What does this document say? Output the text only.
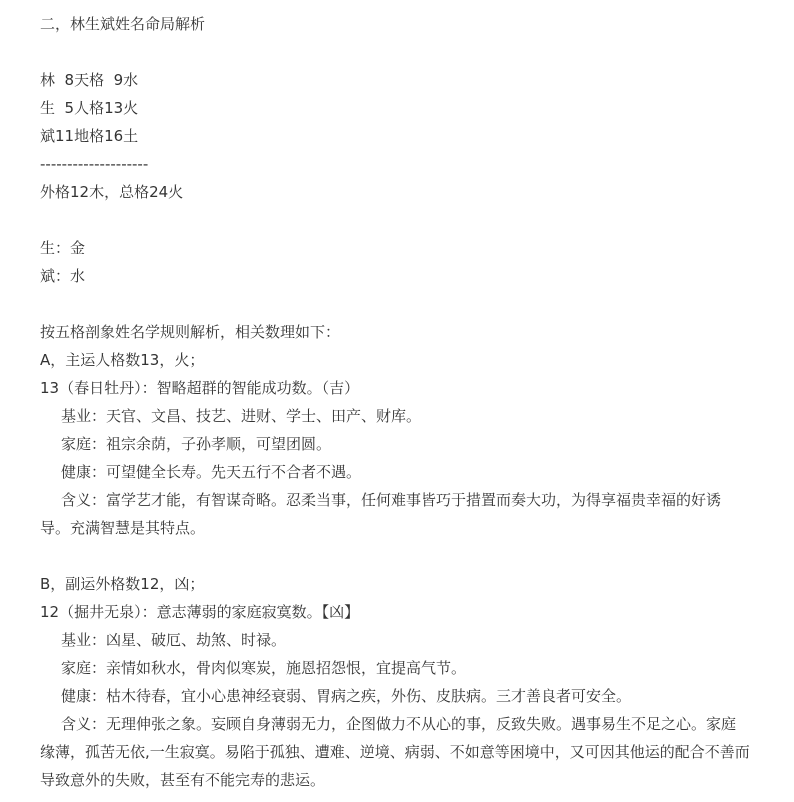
二，林生斌姓名命局解析
林  8天格  9水
生  5人格13火
斌11地格16土
--------------------
外格12木，总格24火
生：金
斌：水
按五格剖象姓名学规则解析，相关数理如下：
A，主运人格数13，火；
13（春日牡丹）：智略超群的智能成功数。（吉）
基业：天官、文昌、技艺、进财、学士、田产、财库。
家庭：祖宗余荫，子孙孝顺，可望团圆。
健康：可望健全长寿。先天五行不合者不遇。
含义：富学艺才能，有智谋奇略。忍柔当事，任何难事皆巧于措置而奏大功，为得享福贵幸福的好诱导。充满智慧是其特点。
B，副运外格数12，凶；
12（掘井无泉）：意志薄弱的家庭寂寞数。【凶】
基业：凶星、破厄、劫煞、时禄。
家庭：亲情如秋水，骨肉似寒炭，施恩招怨恨，宜提高气节。
健康：枯木待春，宜小心患神经衰弱、胃病之疾，外伤、皮肤病。三才善良者可安全。
含义：无理伸张之象。妄顾自身薄弱无力，企图做力不从心的事，反致失败。遇事易生不足之心。家庭缘薄，孤苦无依,一生寂寞。易陷于孤独、遭难、逆境、病弱、不如意等困境中，又可因其他运的配合不善而导致意外的失败，甚至有不能完寿的悲运。
